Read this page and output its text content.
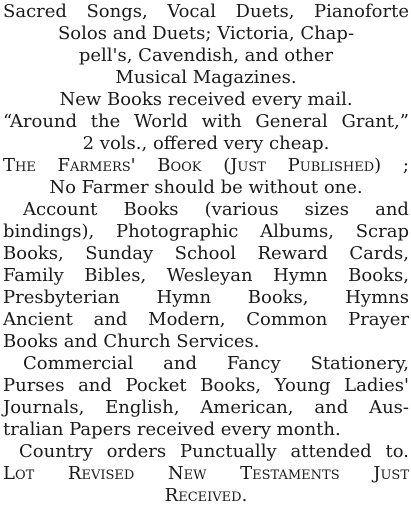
Sacred Songs, Vocal Duets, Pianoforte
Solos and Duets; Victoria, Chap-
pell's, Cavendish, and other
Musical Magazines.
New Books received every mail.
“Around the World with General Grant,”
2 vols., offered very cheap.
The Farmers' Book (Just Published) ;
No Farmer should be without one.
Account Books (various sizes and
bindings), Photographic Albums, Scrap
Books, Sunday School Reward Cards,
Family Bibles, Wesleyan Hymn Books,
Presbyterian Hymn Books, Hymns
Ancient and Modern, Common Prayer
Books and Church Services.
Commercial and Fancy Stationery,
Purses and Pocket Books, Young Ladies'
Journals, English, American, and Aus-
tralian Papers received every month.
Country orders Punctually attended to.
Lot Revised New Testaments Just
Received.
